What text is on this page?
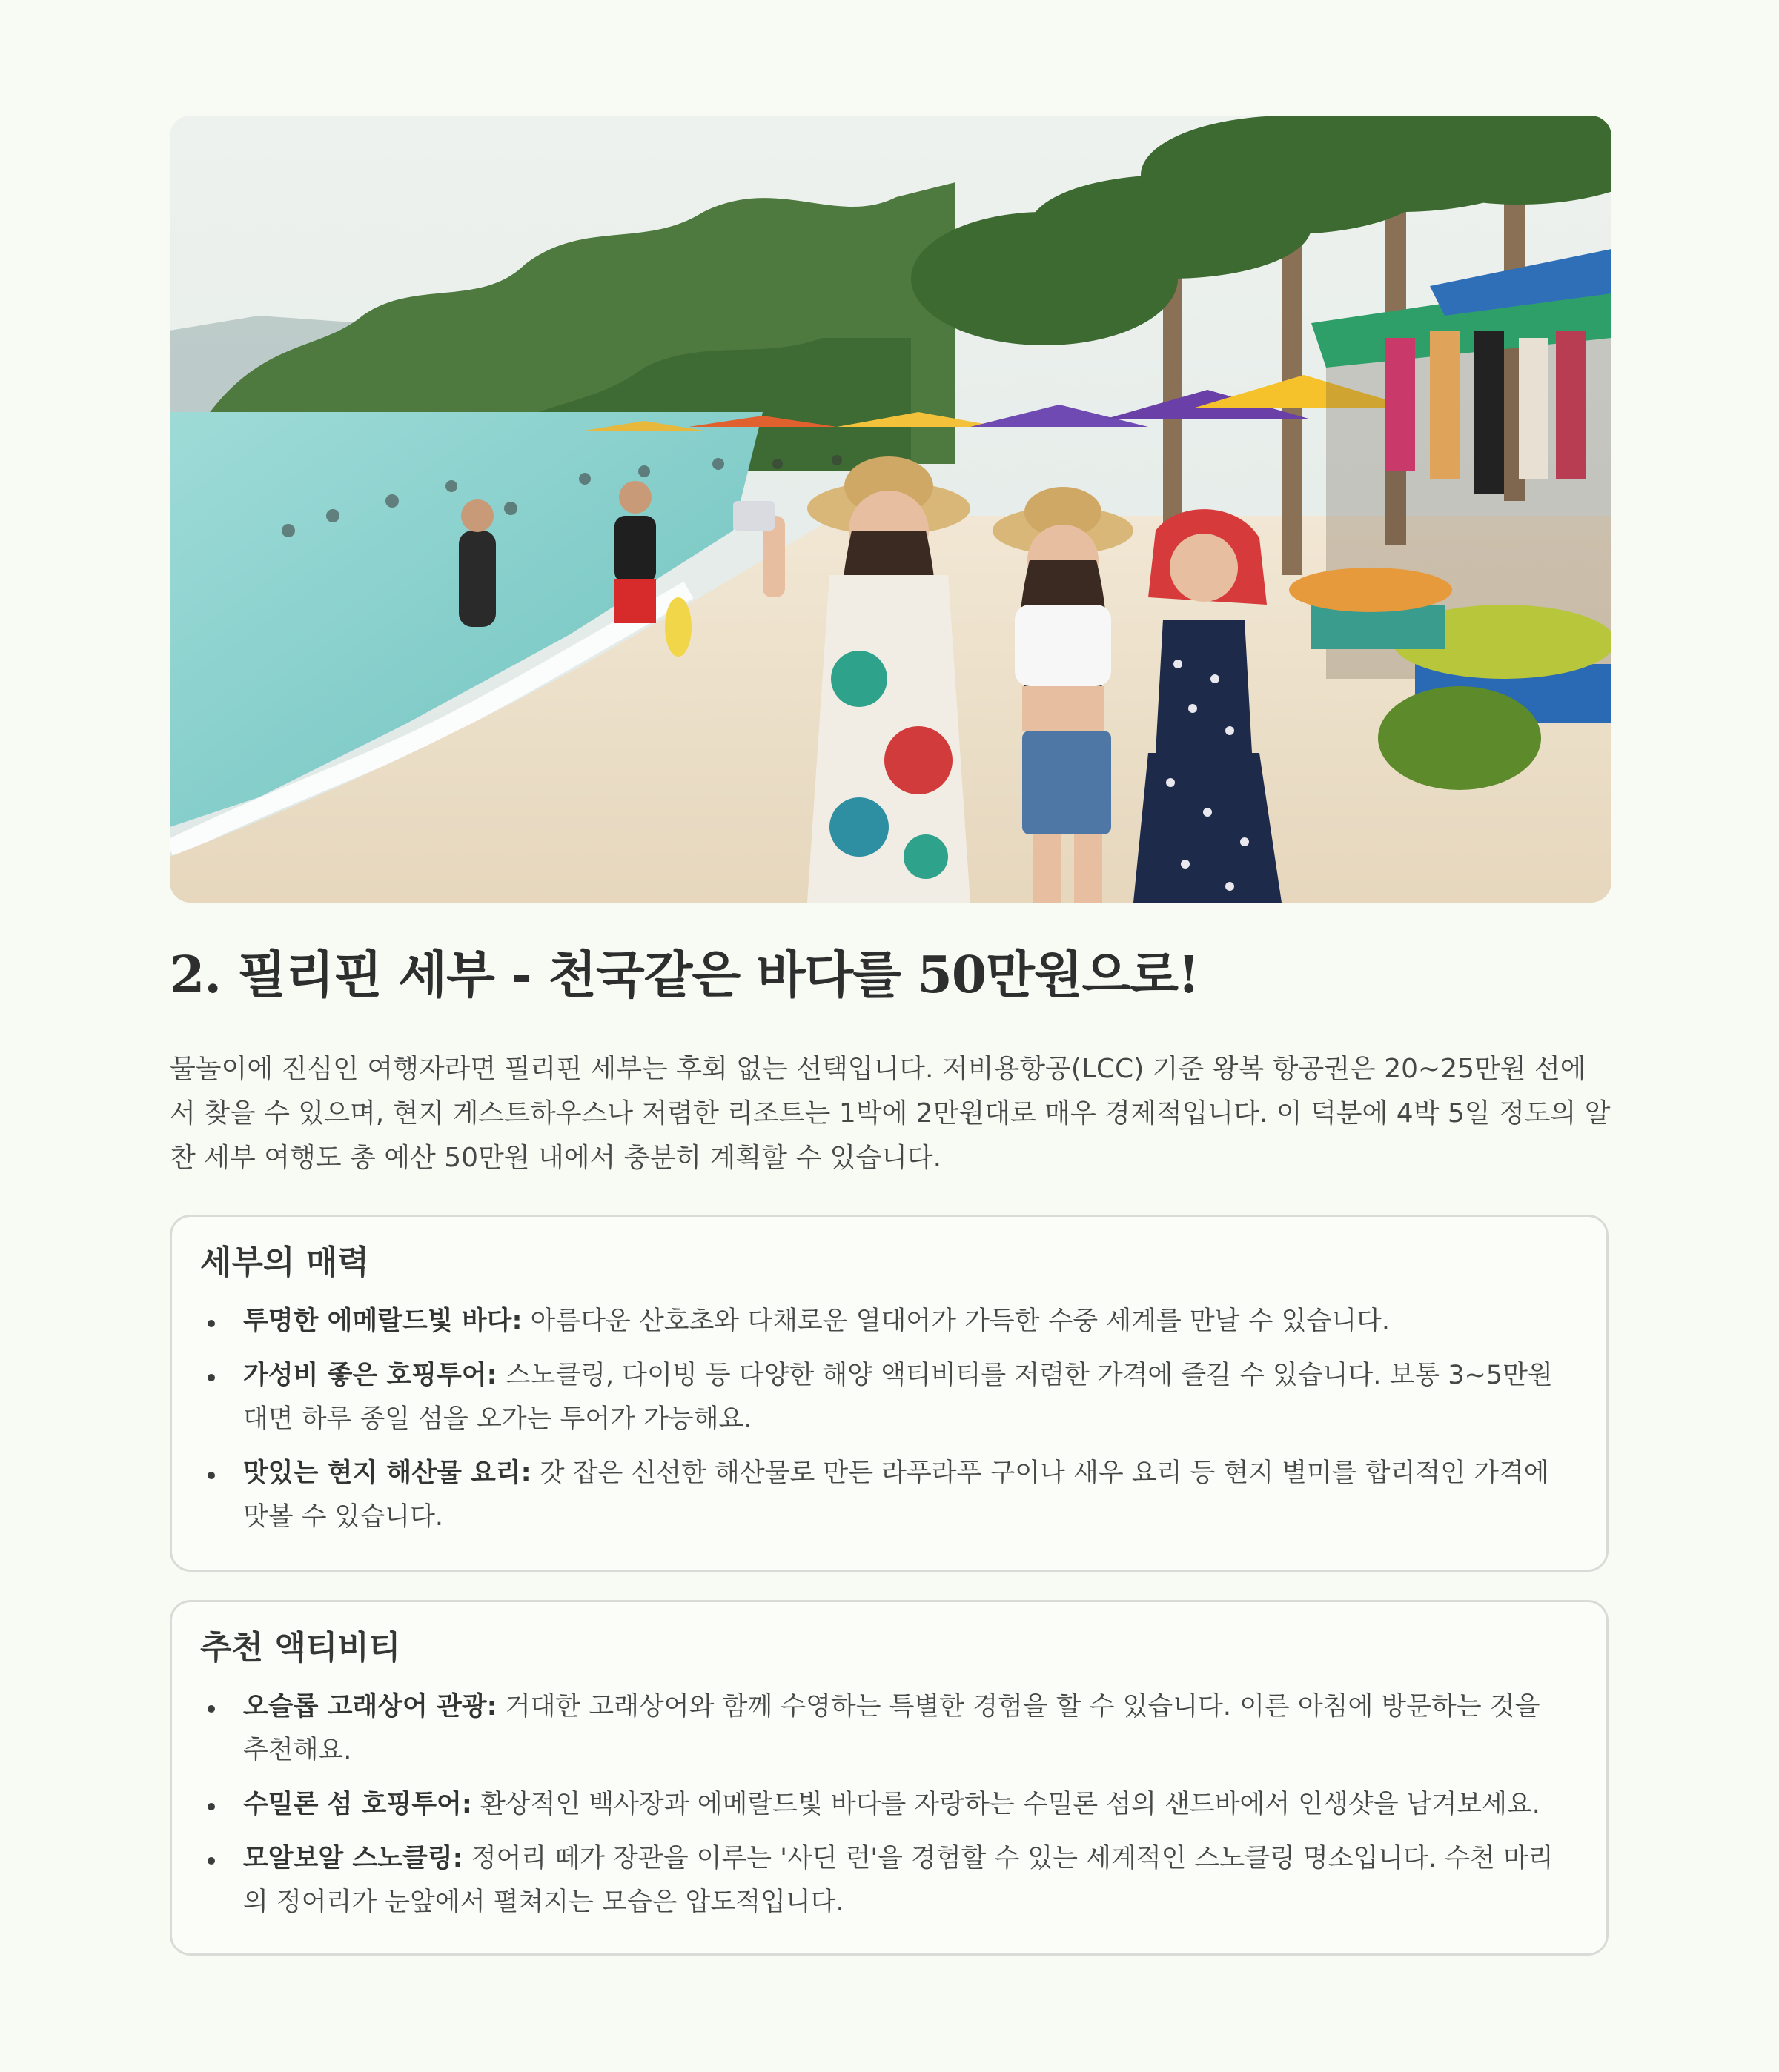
2. 필리핀 세부 - 천국같은 바다를 50만원으로!

물놀이에 진심인 여행자라면 필리핀 세부는 후회 없는 선택입니다. 저비용항공(LCC) 기준 왕복 항공권은 20~25만원 선에서 찾을 수 있으며, 현지 게스트하우스나 저렴한 리조트는 1박에 2만원대로 매우 경제적입니다. 이 덕분에 4박 5일 정도의 알찬 세부 여행도 총 예산 50만원 내에서 충분히 계획할 수 있습니다.

세부의 매력
투명한 에메랄드빛 바다: 아름다운 산호초와 다채로운 열대어가 가득한 수중 세계를 만날 수 있습니다.
가성비 좋은 호핑투어: 스노클링, 다이빙 등 다양한 해양 액티비티를 저렴한 가격에 즐길 수 있습니다. 보통 3~5만원대면 하루 종일 섬을 오가는 투어가 가능해요.
맛있는 현지 해산물 요리: 갓 잡은 신선한 해산물로 만든 라푸라푸 구이나 새우 요리 등 현지 별미를 합리적인 가격에 맛볼 수 있습니다.
추천 액티비티
오슬롭 고래상어 관광: 거대한 고래상어와 함께 수영하는 특별한 경험을 할 수 있습니다. 이른 아침에 방문하는 것을 추천해요.
수밀론 섬 호핑투어: 환상적인 백사장과 에메랄드빛 바다를 자랑하는 수밀론 섬의 샌드바에서 인생샷을 남겨보세요.
모알보알 스노클링: 정어리 떼가 장관을 이루는 '사딘 런'을 경험할 수 있는 세계적인 스노클링 명소입니다. 수천 마리의 정어리가 눈앞에서 펼쳐지는 모습은 압도적입니다.
